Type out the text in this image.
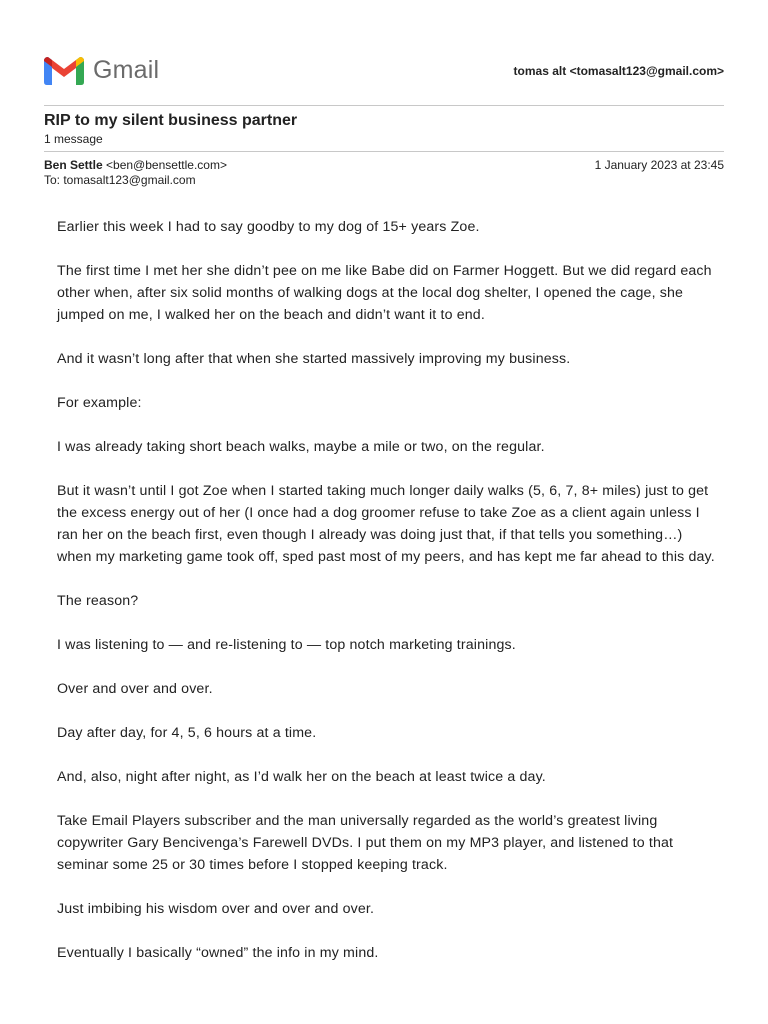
Gmail	tomas alt <tomasalt123@gmail.com>
RIP to my silent business partner
1 message
Ben Settle <ben@bensettle.com>	1 January 2023 at 23:45
To: tomasalt123@gmail.com

Earlier this week I had to say goodby to my dog of 15+ years Zoe.

The first time I met her she didn’t pee on me like Babe did on Farmer Hoggett. But we did regard each other when, after six solid months of walking dogs at the local dog shelter, I opened the cage, she jumped on me, I walked her on the beach and didn’t want it to end.

And it wasn’t long after that when she started massively improving my business.

For example:

I was already taking short beach walks, maybe a mile or two, on the regular.

But it wasn’t until I got Zoe when I started taking much longer daily walks (5, 6, 7, 8+ miles) just to get the excess energy out of her (I once had a dog groomer refuse to take Zoe as a client again unless I ran her on the beach first, even though I already was doing just that, if that tells you something…) when my marketing game took off, sped past most of my peers, and has kept me far ahead to this day.

The reason?

I was listening to — and re-listening to — top notch marketing trainings.

Over and over and over.

Day after day, for 4, 5, 6 hours at a time.

And, also, night after night, as I’d walk her on the beach at least twice a day.

Take Email Players subscriber and the man universally regarded as the world’s greatest living copywriter Gary Bencivenga’s Farewell DVDs. I put them on my MP3 player, and listened to that seminar some 25 or 30 times before I stopped keeping track.

Just imbibing his wisdom over and over and over.

Eventually I basically “owned” the info in my mind.
